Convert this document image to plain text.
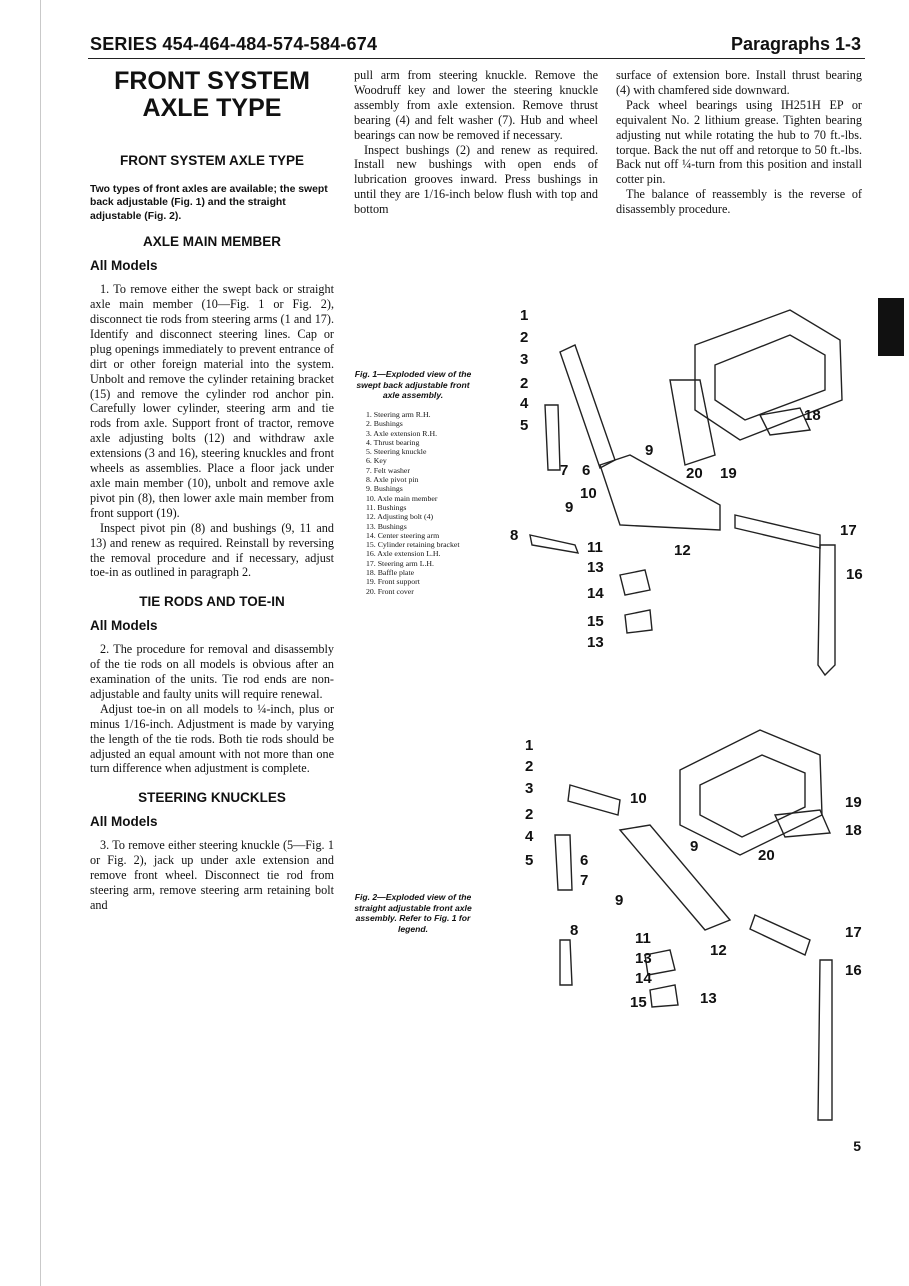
SERIES 454-464-484-574-584-674	Paragraphs 1-3
FRONT SYSTEM
AXLE TYPE
FRONT SYSTEM AXLE TYPE

Two types of front axles are available; the swept back adjustable (Fig. 1) and the straight adjustable (Fig. 2).

AXLE MAIN MEMBER
All Models

1. To remove either the swept back or straight axle main member (10—Fig. 1 or Fig. 2), disconnect tie rods from steering arms (1 and 17). Identify and disconnect steering lines. Cap or plug openings immediately to prevent entrance of dirt or other foreign material into the system. Unbolt and remove the cylinder retaining bracket (15) and remove the cylinder rod anchor pin. Carefully lower cylinder, steering arm and tie rods from axle. Support front of tractor, remove axle adjusting bolts (12) and withdraw axle extensions (3 and 16), steering knuckles and front wheels as assemblies. Place a floor jack under axle main member (10), unbolt and remove axle pivot pin (8), then lower axle main member from front support (19).

Inspect pivot pin (8) and bushings (9, 11 and 13) and renew as required. Reinstall by reversing the removal procedure and if necessary, adjust toe-in as outlined in paragraph 2.

TIE RODS AND TOE-IN
All Models

2. The procedure for removal and disassembly of the tie rods on all models is obvious after an examination of the units. Tie rod ends are non-adjustable and faulty units will require renewal.

Adjust toe-in on all models to ¼-inch, plus or minus 1/16-inch. Adjustment is made by varying the length of the tie rods. Both tie rods should be adjusted an equal amount with not more than one turn difference when adjustment is complete.

STEERING KNUCKLES
All Models

3. To remove either steering knuckle (5—Fig. 1 or Fig. 2), jack up under axle extension and remove front wheel. Disconnect tie rod from steering arm, remove steering arm retaining bolt and

pull arm from steering knuckle. Remove the Woodruff key and lower the steering knuckle assembly from axle extension. Remove thrust bearing (4) and felt washer (7). Hub and wheel bearings can now be removed if necessary.

Inspect bushings (2) and renew as required. Install new bushings with open ends of lubrication grooves inward. Press bushings in until they are 1/16-inch below flush with top and bottom

surface of extension bore. Install thrust bearing (4) with chamfered side downward.

Pack wheel bearings using IH251H EP or equivalent No. 2 lithium grease. Tighten bearing adjusting nut while rotating the hub to 70 ft.-lbs. torque. Back the nut off and retorque to 50 ft.-lbs. Back nut off ¼-turn from this position and install cotter pin.

The balance of reassembly is the reverse of disassembly procedure.

Fig. 1—Exploded view of the swept back adjustable front axle assembly.
1. Steering arm R.H.
2. Bushings
3. Axle extension R.H.
4. Thrust bearing
5. Steering knuckle
6. Key
7. Felt washer
8. Axle pivot pin
9. Bushings
10. Axle main member
11. Bushings
12. Adjusting bolt (4)
13. Bushings
14. Center steering arm
15. Cylinder retaining bracket
16. Axle extension L.H.
17. Steering arm L.H.
18. Baffle plate
19. Front support
20. Front cover
1
2
3
2
4
5
7 6
9
20 19
18
10
9
8
11
13
12
17
16
14
15
13
Fig. 2—Exploded view of the straight adjustable front axle assembly. Refer to Fig. 1 for legend.
1
2
3
10
2
4
5	6
7
9
20
19
18
9
8	11
13	12
14
17
16
15	13
5
